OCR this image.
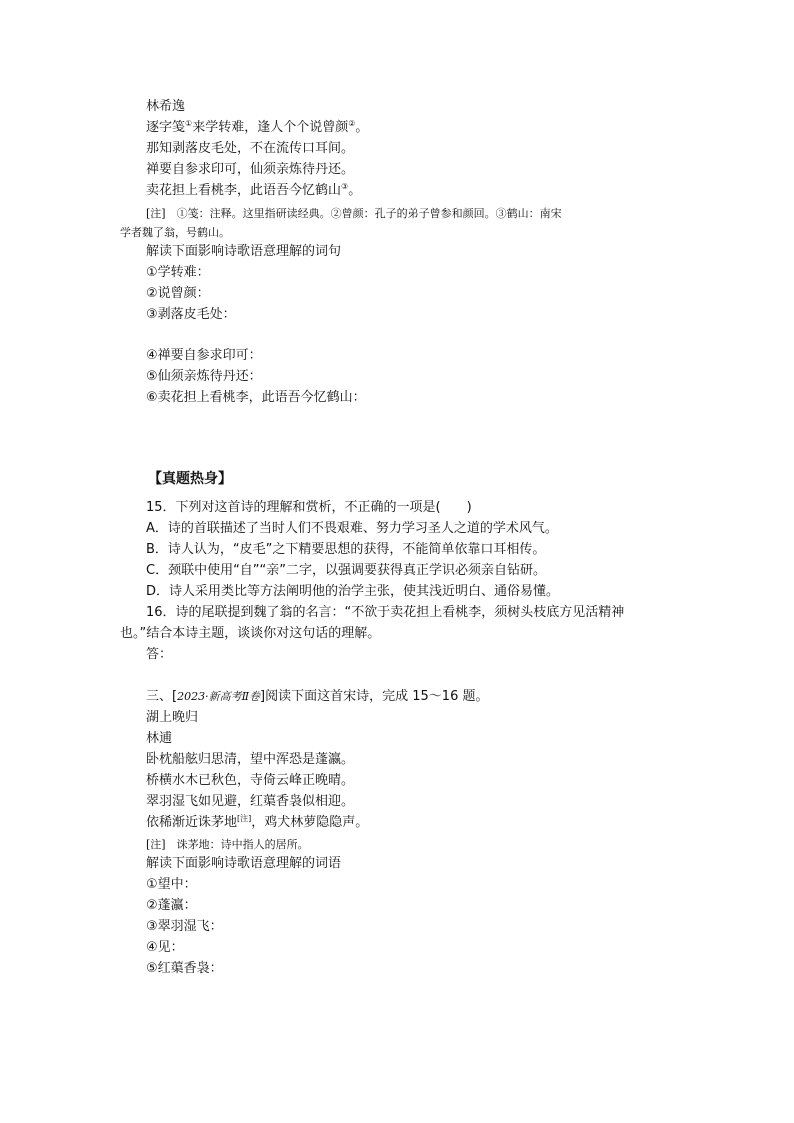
林希逸
逐字笺①来学转难，逢人个个说曾颜②。
那知剥落皮毛处，不在流传口耳间。
禅要自参求印可，仙须亲炼待丹还。
卖花担上看桃李，此语吾今忆鹤山③。
[注]　①笺：注释。这里指研读经典。②曾颜：孔子的弟子曾参和颜回。③鹤山：南宋
学者魏了翁，号鹤山。
解读下面影响诗歌语意理解的词句
①学转难：
②说曾颜：
③剥落皮毛处：
④禅要自参求印可：
⑤仙须亲炼待丹还：
⑥卖花担上看桃李，此语吾今忆鹤山：
【真题热身】
15．下列对这首诗的理解和赏析，不正确的一项是(　　)
A．诗的首联描述了当时人们不畏艰难、努力学习圣人之道的学术风气。
B．诗人认为，“皮毛”之下精要思想的获得，不能简单依靠口耳相传。
C．颈联中使用“自”“亲”二字，以强调要获得真正学识必须亲自钻研。
D．诗人采用类比等方法阐明他的治学主张，使其浅近明白、通俗易懂。
16．诗的尾联提到魏了翁的名言：“不欲于卖花担上看桃李，须树头枝底方见活精神
也。”结合本诗主题，谈谈你对这句话的理解。
答：
三、[2023·新高考Ⅱ卷]阅读下面这首宋诗，完成 15～16 题。
湖上晚归
林逋
卧枕船舷归思清，望中浑恐是蓬瀛。
桥横水木已秋色，寺倚云峰正晚晴。
翠羽湿飞如见避，红蕖香袅似相迎。
依稀渐近诛茅地[注]，鸡犬林萝隐隐声。
[注]　诛茅地：诗中指人的居所。
解读下面影响诗歌语意理解的词语
①望中：
②蓬瀛：
③翠羽湿飞：
④见：
⑤红蕖香袅：
